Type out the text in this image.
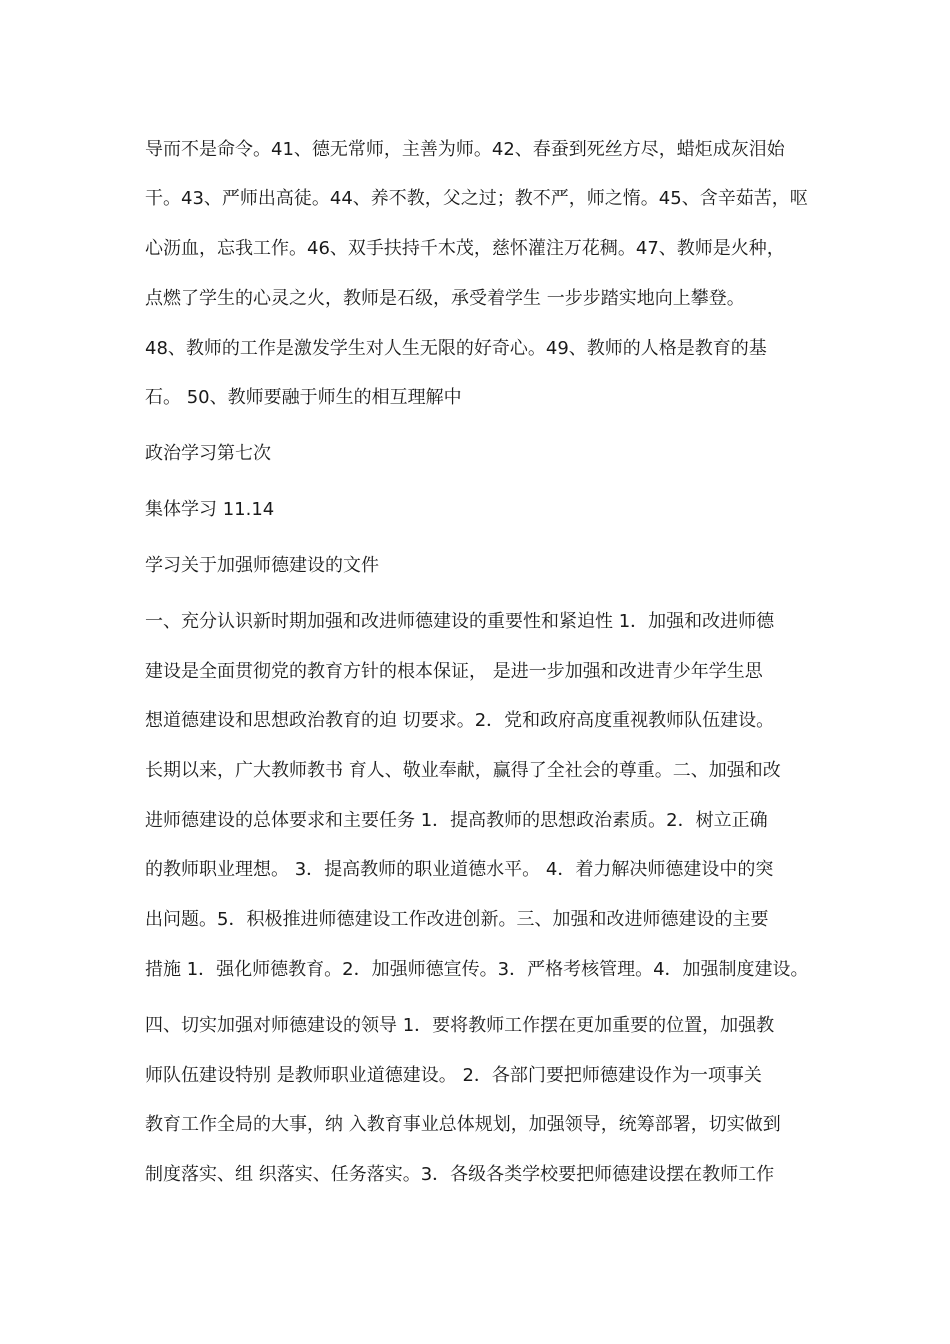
导而不是命令。41、德无常师，主善为师。42、春蚕到死丝方尽，蜡炬成灰泪始
干。43、严师出高徒。44、养不教，父之过；教不严，师之惰。45、含辛茹苦，呕
心沥血，忘我工作。46、双手扶持千木茂，慈怀灌注万花稠。47、教师是火种，
点燃了学生的心灵之火，教师是石级，承受着学生 一步步踏实地向上攀登。
48、教师的工作是激发学生对人生无限的好奇心。49、教师的人格是教育的基
石。 50、教师要融于师生的相互理解中
政治学习第七次
集体学习 11.14
学习关于加强师德建设的文件
一、充分认识新时期加强和改进师德建设的重要性和紧迫性 1．加强和改进师德
建设是全面贯彻党的教育方针的根本保证， 是进一步加强和改进青少年学生思
想道德建设和思想政治教育的迫 切要求。2．党和政府高度重视教师队伍建设。
长期以来，广大教师教书 育人、敬业奉献，赢得了全社会的尊重。二、加强和改
进师德建设的总体要求和主要任务 1．提高教师的思想政治素质。2．树立正确
的教师职业理想。 3．提高教师的职业道德水平。 4．着力解决师德建设中的突
出问题。5．积极推进师德建设工作改进创新。三、加强和改进师德建设的主要
措施 1．强化师德教育。2．加强师德宣传。3．严格考核管理。4．加强制度建设。
四、切实加强对师德建设的领导 1．要将教师工作摆在更加重要的位置，加强教
师队伍建设特别 是教师职业道德建设。 2．各部门要把师德建设作为一项事关
教育工作全局的大事，纳 入教育事业总体规划，加强领导，统筹部署，切实做到
制度落实、组 织落实、任务落实。3．各级各类学校要把师德建设摆在教师工作
